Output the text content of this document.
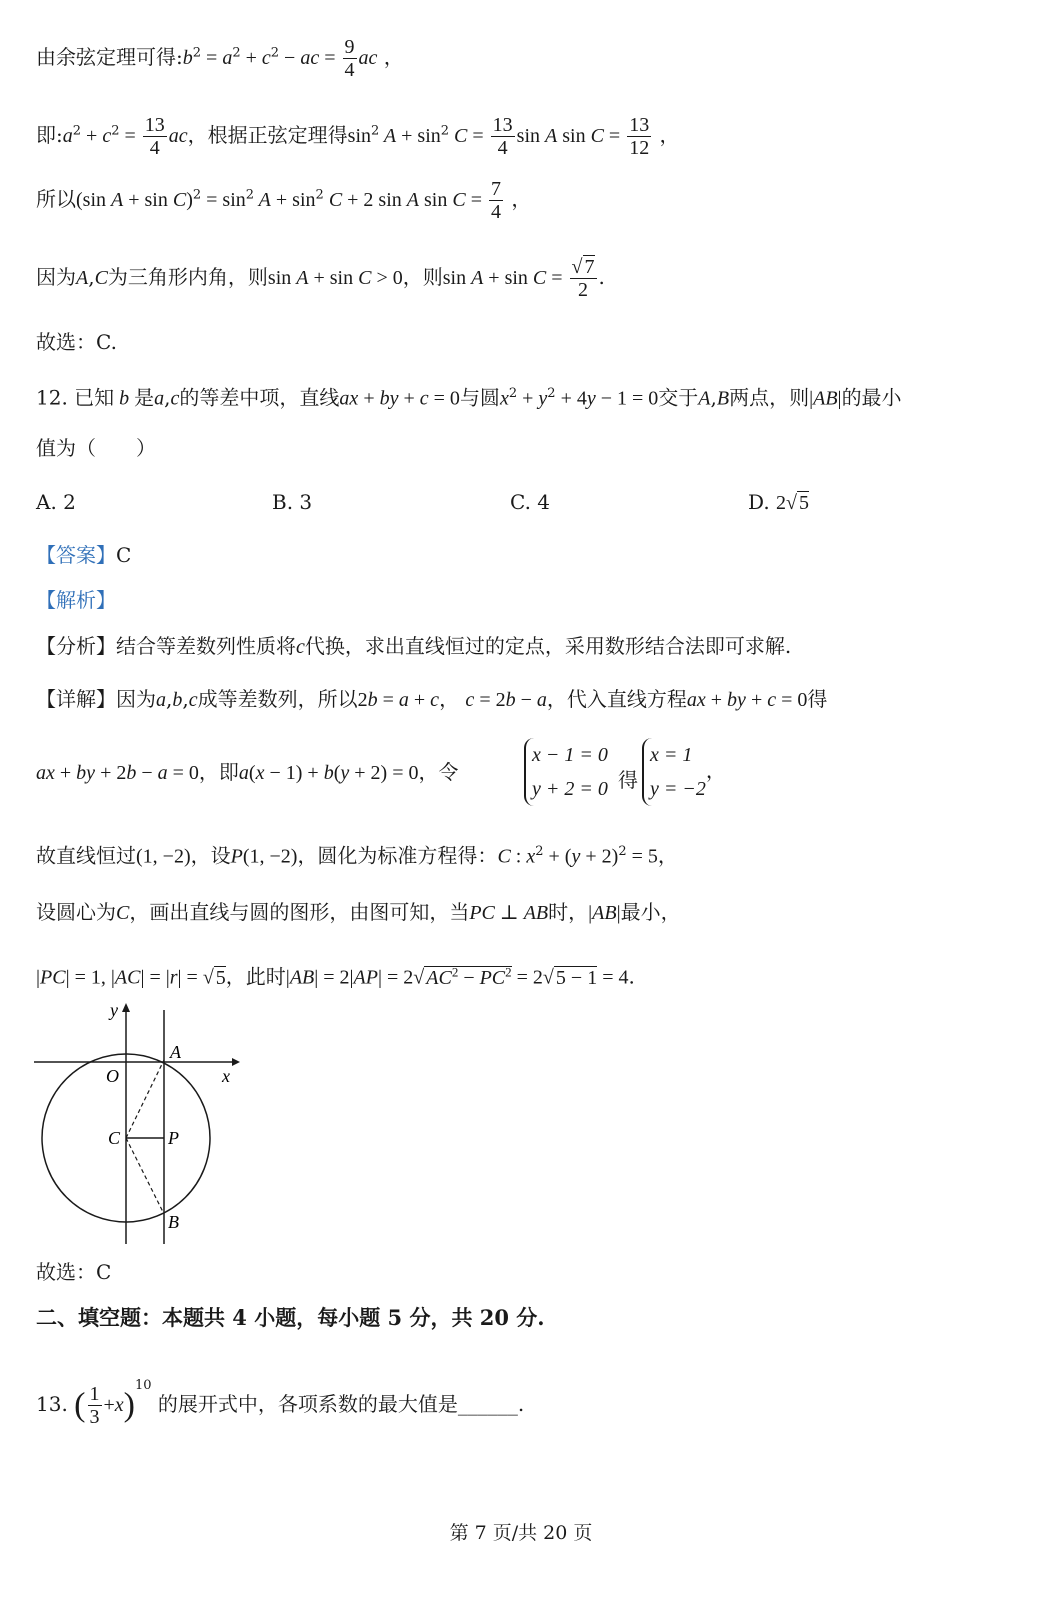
由余弦定理可得$:b^2 = a^2 + c^2$ − ac = $\frac{9}{4}$ ac ，
即$:a^2 + c^2 = \frac{13}{4}$ ac，根据正弦定理得$\sin^2 A + \sin^2 C = \frac{13}{4}$ sin A $\sin C = \frac{13}{12}$ ，
所以(sin $A + \sin C)^2 = \sin^2 A + \sin^2 C + 2$ sin A $\sin C = \frac{7}{4}$ ，
因为A,C为三角形内角，则sin A + sin C > 0，则$\sin A + \sin C = \frac{√ 7}{2}$ .
故选：C.
12. 已知 b 是a,c的等差中项，直线ax + by + c = 0与圆$x^2 + y^2 + 4y - 1 = 0$交于A,B两点，则|AB|的最小
值为（　　）
A. 2	B. 3	C. 4	D. 2√ 5
【答案】C
【解析】
【分析】结合等差数列性质将c代换，求出直线恒过的定点，采用数形结合法即可求解.
【详解】因为a,b,c成等差数列，所以2b = a + c， c = 2b − a，代入直线方程ax + by + c = 0得
ax + by + 2b − a = 0，即a(x − 1) + b(y + 2) = 0，令
x − 1 = 0
y + 2 = 0 得
x = 1
y = −2
，
故直线恒过(1, −2)，设P(1, −2)，圆化为标准方程得：C : $x^2 + (y + 2)^2 = 5$，
设圆心为C，画出直线与圆的图形，由图可知，当PC ⊥ AB时，|AB|最小，
|PC| = 1, |AC| = |r| = √ 5，此时|AB| = 2|AP| = 2√ $AC^2 - PC^2 = 2√$ 5 − 1 = 4.
y
x
O
A
C	P
B
故选：C
二、填空题：本题共 4 小题，每小题 5 分，共 20 分.
13. ( $\frac{1}{3} +x)^{10}$ 的展开式中，各项系数的最大值是______.
第 7 页/共 20 页
